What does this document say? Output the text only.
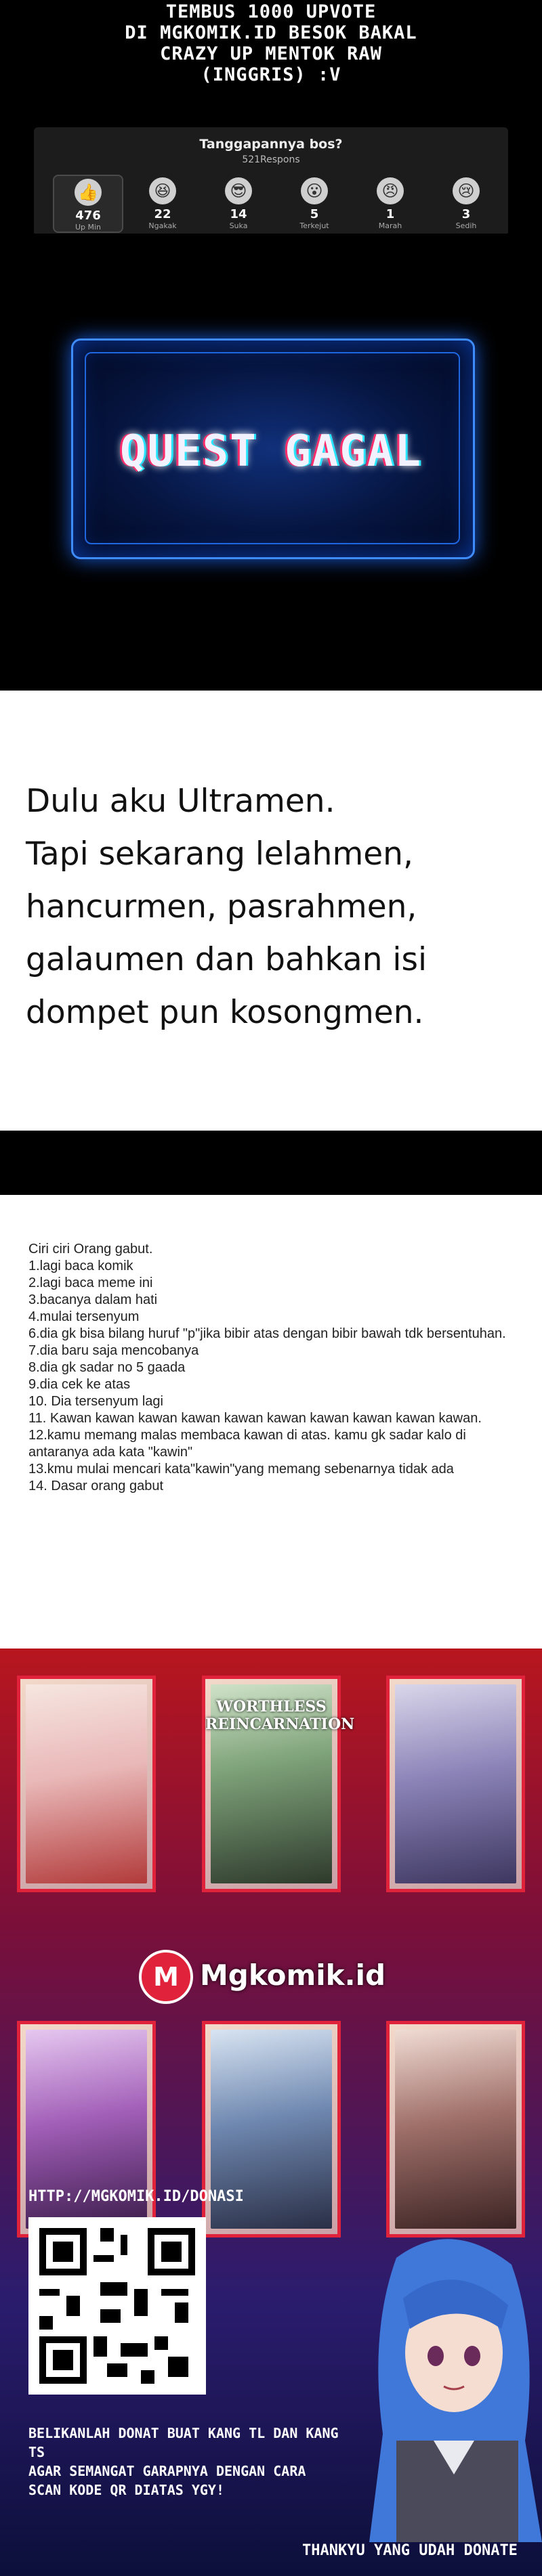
TEMBUS 1000 UPVOTE
DI MGKOMIK.ID BESOK BAKAL
CRAZY UP MENTOK RAW
(INGGRIS) :V
Tanggapannya bos?
521Respons
👍
476
Up Min
😆
22
Ngakak
😎
14
Suka
😮
5
Terkejut
😠
1
Marah
😢
3
Sedih
QUEST GAGAL
Dulu aku Ultramen.
Tapi sekarang lelahmen,
hancurmen, pasrahmen,
galaumen dan bahkan isi
dompet pun kosongmen.
Ciri ciri Orang gabut.
1.lagi baca komik
2.lagi baca meme ini
3.bacanya dalam hati
4.mulai tersenyum
6.dia gk bisa bilang huruf "p"jika bibir atas dengan bibir bawah tdk bersentuhan.
7.dia baru saja mencobanya
8.dia gk sadar no 5 gaada
9.dia cek ke atas
10. Dia tersenyum lagi
11. Kawan kawan kawan kawan kawan kawan kawan kawan kawan kawan.
12.kamu memang malas membaca kawan di atas. kamu gk sadar kalo di antaranya ada kata "kawin"
13.kmu mulai mencari kata"kawin"yang memang sebenarnya tidak ada
14. Dasar orang gabut
WORTHLESS
REINCARNATION
M Mgkomik.id
HTTP://MGKOMIK.ID/DONASI
BELIKANLAH DONAT BUAT KANG TL DAN KANG TS
AGAR SEMANGAT GARAPNYA DENGAN CARA
SCAN KODE QR DIATAS YGY!
THANKYU YANG UDAH DONATE
